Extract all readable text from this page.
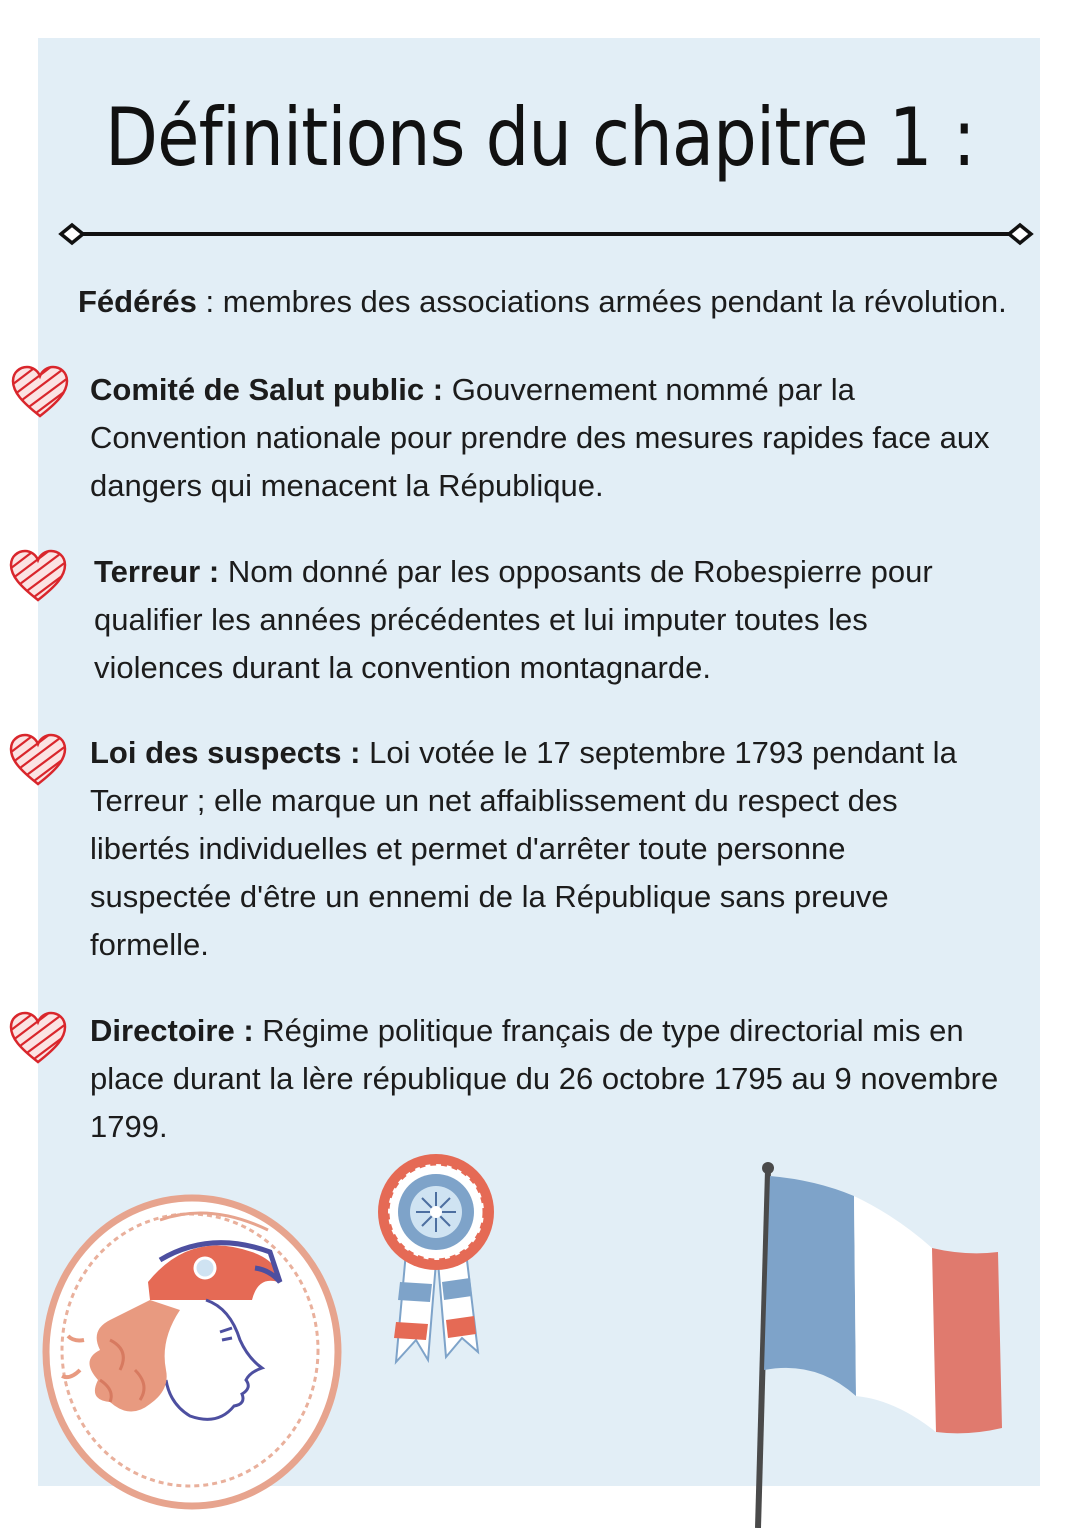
Définitions du chapitre 1 :

Fédérés : membres des associations armées pendant la révolution.

Comité de Salut public : Gouvernement nommé par la Convention nationale pour prendre des mesures rapides face aux dangers qui menacent la République.

Terreur : Nom donné par les opposants de Robespierre pour qualifier les années précédentes et lui imputer toutes les violences durant la convention montagnarde.

Loi des suspects : Loi votée le 17 septembre 1793 pendant la Terreur ; elle marque un net affaiblissement du respect des libertés individuelles et permet d'arrêter toute personne suspectée d'être un ennemi de la République sans preuve formelle.

Directoire : Régime politique français de type directorial mis en place durant la lère république du 26 octobre 1795 au 9 novembre 1799.
